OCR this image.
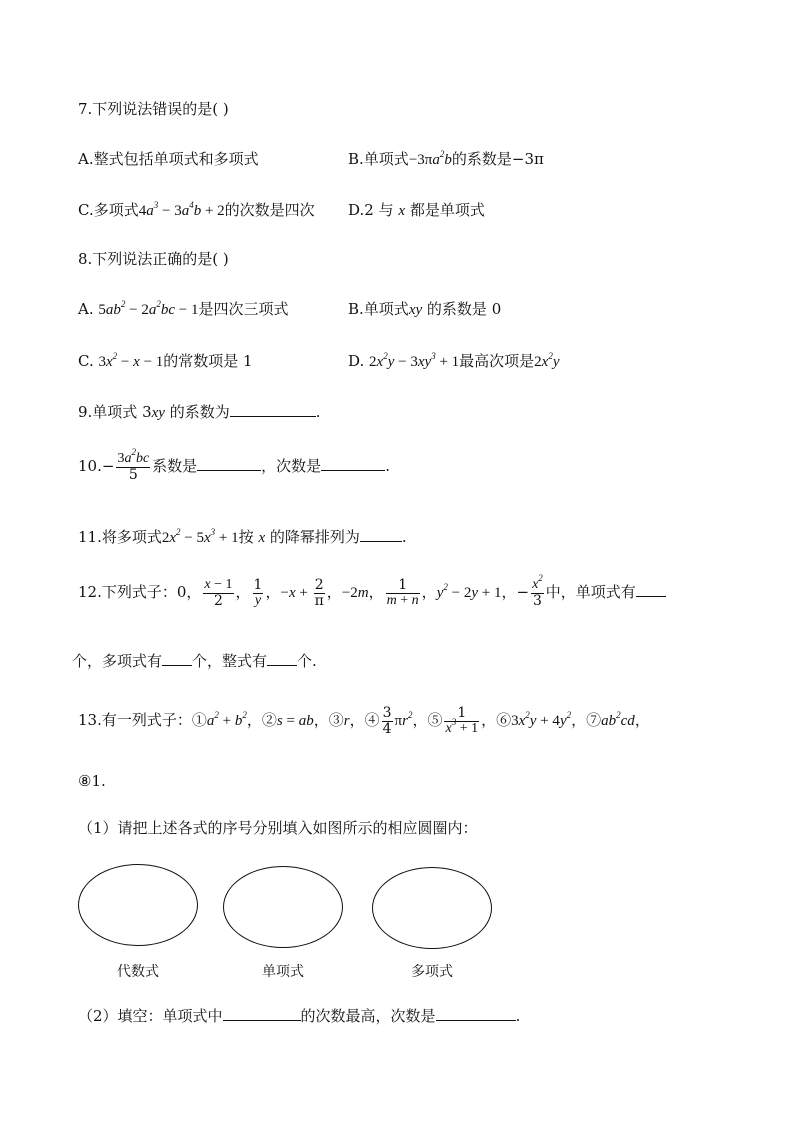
7.下列说法错误的是( )
A.整式包括单项式和多项式	B.单项式$-3\pi a^2b$的系数是−3π
C.多项式$4a^3 - 3a^4b + 2$的次数是四次 D.2 与 x 都是单项式
8.下列说法正确的是( )
A. $5ab^2 - 2a^2bc - 1$是四次三项式	B.单项式xy 的系数是 0
C. $3x^2 - x - 1$的常数项是 1	D. $2x^2y - 3xy^3 + 1$最高次项是$2x^2y$
9.单项式 3xy 的系数为	.
$10.- \frac{3a^2bc}{5}$ 系数是	，次数是	.
11.将多项式$2x^2 - 5x^3 + 1$按 x 的降幂排列为	.
12.下列式子：0， $\frac{x - 1}{2}$ ， $\frac{1}{y}$ ，$-x + \frac{2}{\pi}$ ，−2m， $\frac{1}{m + n}$ ，$y^2 - 2y + 1$，− $\frac{x^2}{3}$ 中，单项式有
个，多项式有 个，整式有 个.
13.有一列式子：$①a^2 + b^2$，②s = ab，③r，④ $\frac{3}{4} \pi r^2$，⑤ $\frac{1}{x^3 + 1}$ ，$⑥3x^2y + 4y^2$，$⑦ab^2cd$，
⑧1.
（1）请把上述各式的序号分别填入如图所示的相应圆圈内：
代数式	单项式	多项式
（2）填空：单项式中	的次数最高，次数是	.
